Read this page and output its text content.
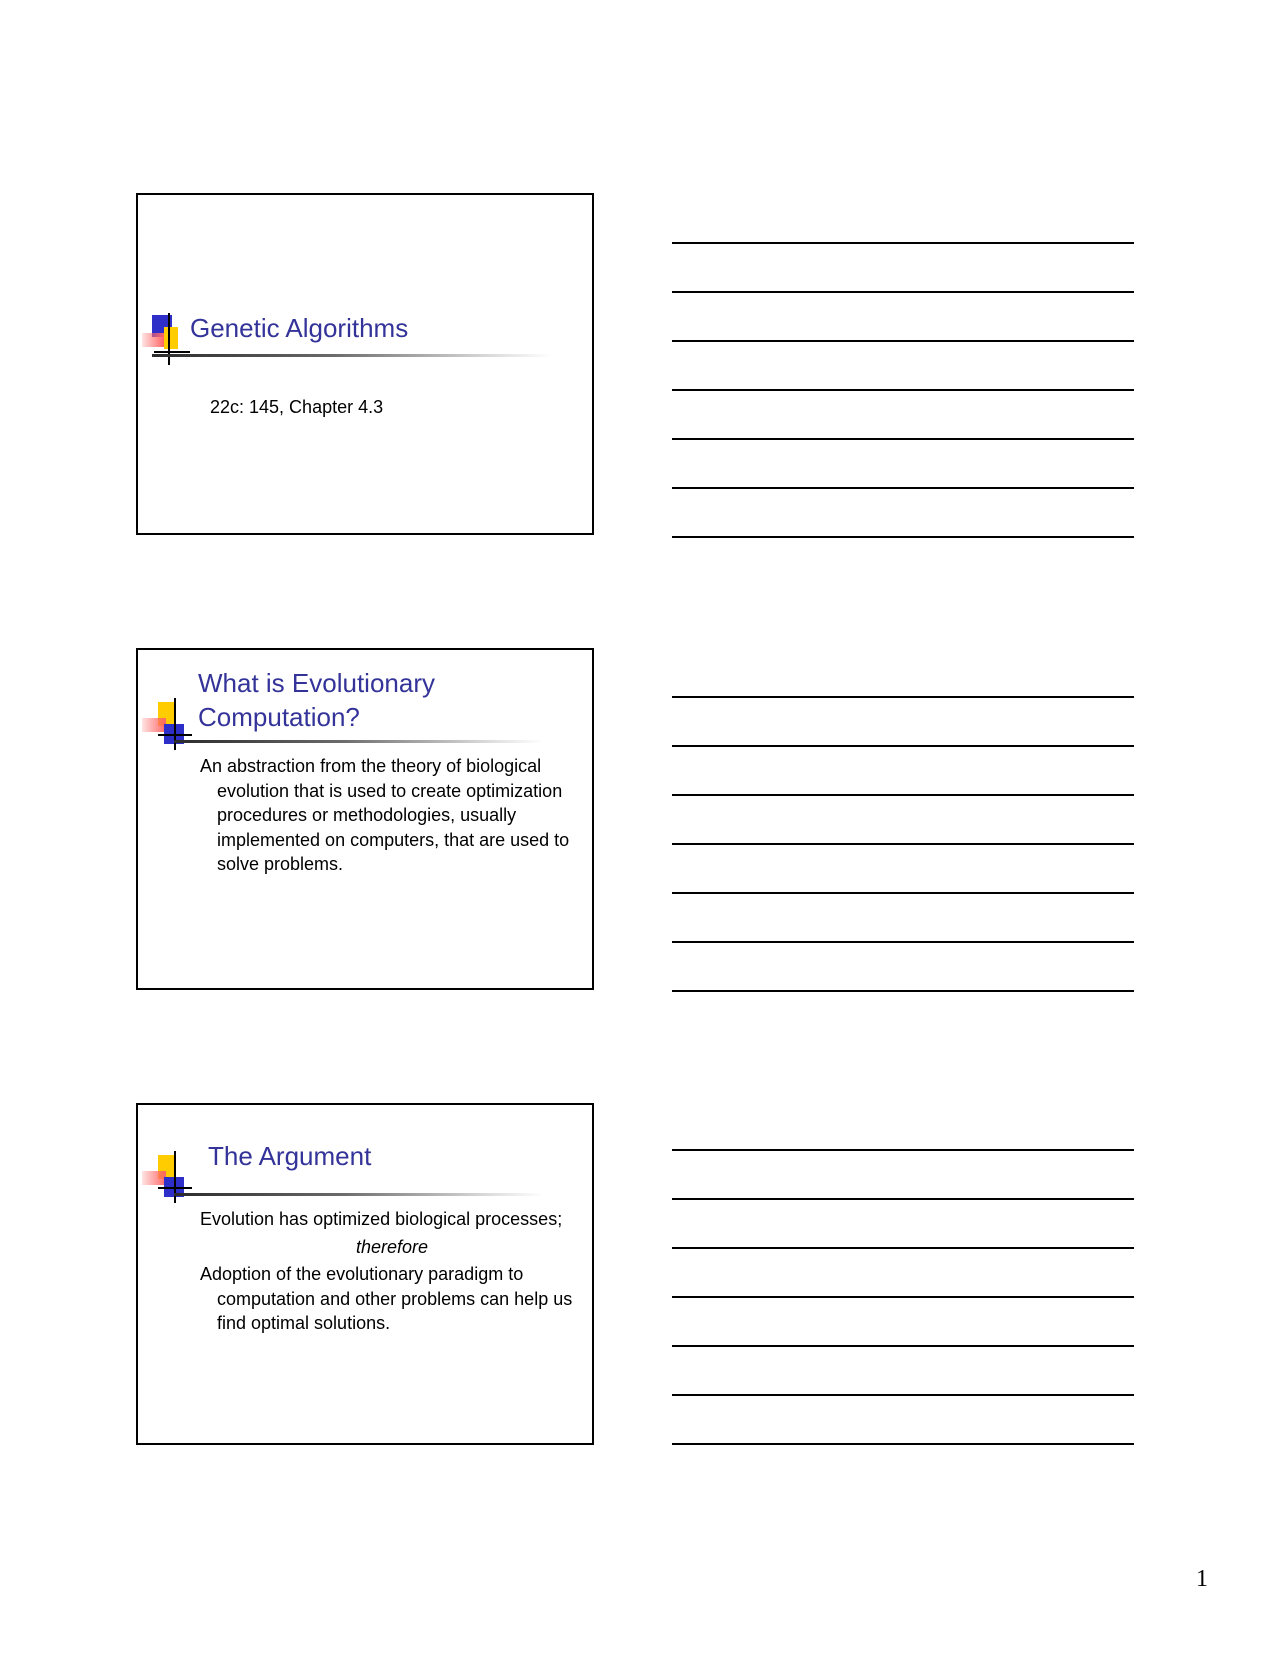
Genetic Algorithms
22c: 145, Chapter 4.3
What is Evolutionary
Computation?

An abstraction from the theory of biological evolution that is used to create optimization procedures or methodologies, usually implemented on computers, that are used to solve problems.

The Argument

Evolution has optimized biological processes;

therefore

Adoption of the evolutionary paradigm to computation and other problems can help us find optimal solutions.

1
